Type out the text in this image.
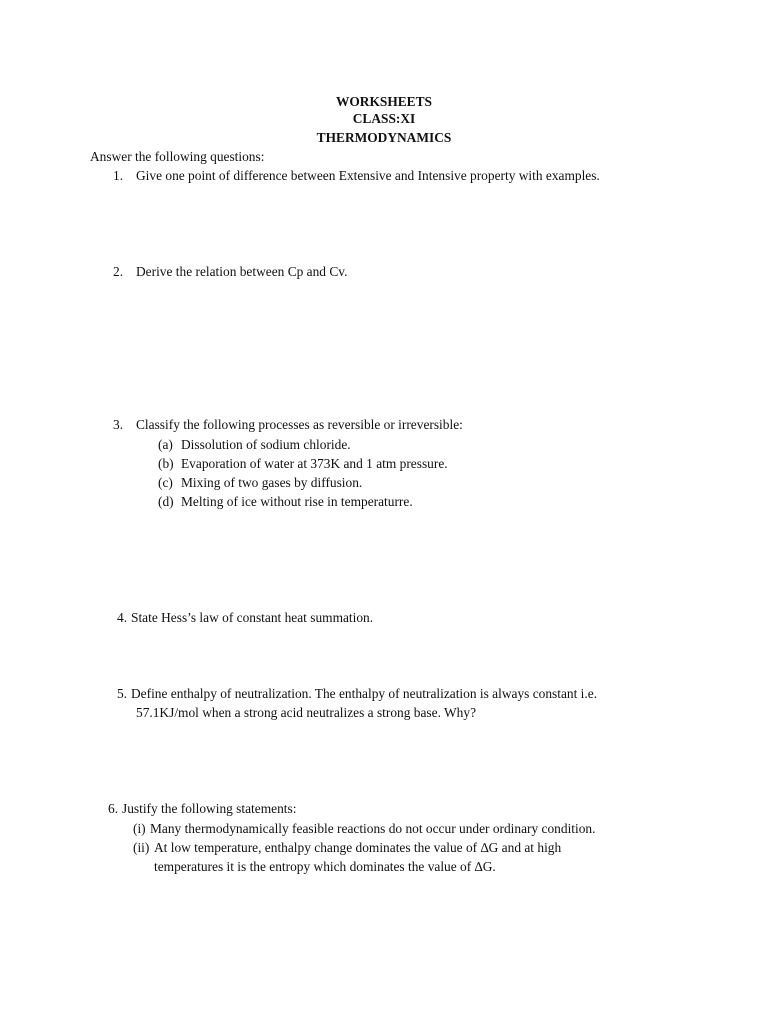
WORKSHEETS
CLASS:XI
THERMODYNAMICS
Answer the following questions:
1. Give one point of difference between Extensive and Intensive property with examples.
2. Derive the relation between Cp and Cv.
3. Classify the following processes as reversible or irreversible:
(a) Dissolution of sodium chloride.
(b) Evaporation of water at 373K and 1 atm pressure.
(c) Mixing of two gases by diffusion.
(d) Melting of ice without rise in temperaturre.
4. State Hess’s law of constant heat summation.
5. Define enthalpy of neutralization. The enthalpy of neutralization is always constant i.e.
57.1KJ/mol when a strong acid neutralizes a strong base. Why?
6. Justify the following statements:
(i) Many thermodynamically feasible reactions do not occur under ordinary condition.
(ii) At low temperature, enthalpy change dominates the value of ∆G and at high
temperatures it is the entropy which dominates the value of ∆G.
